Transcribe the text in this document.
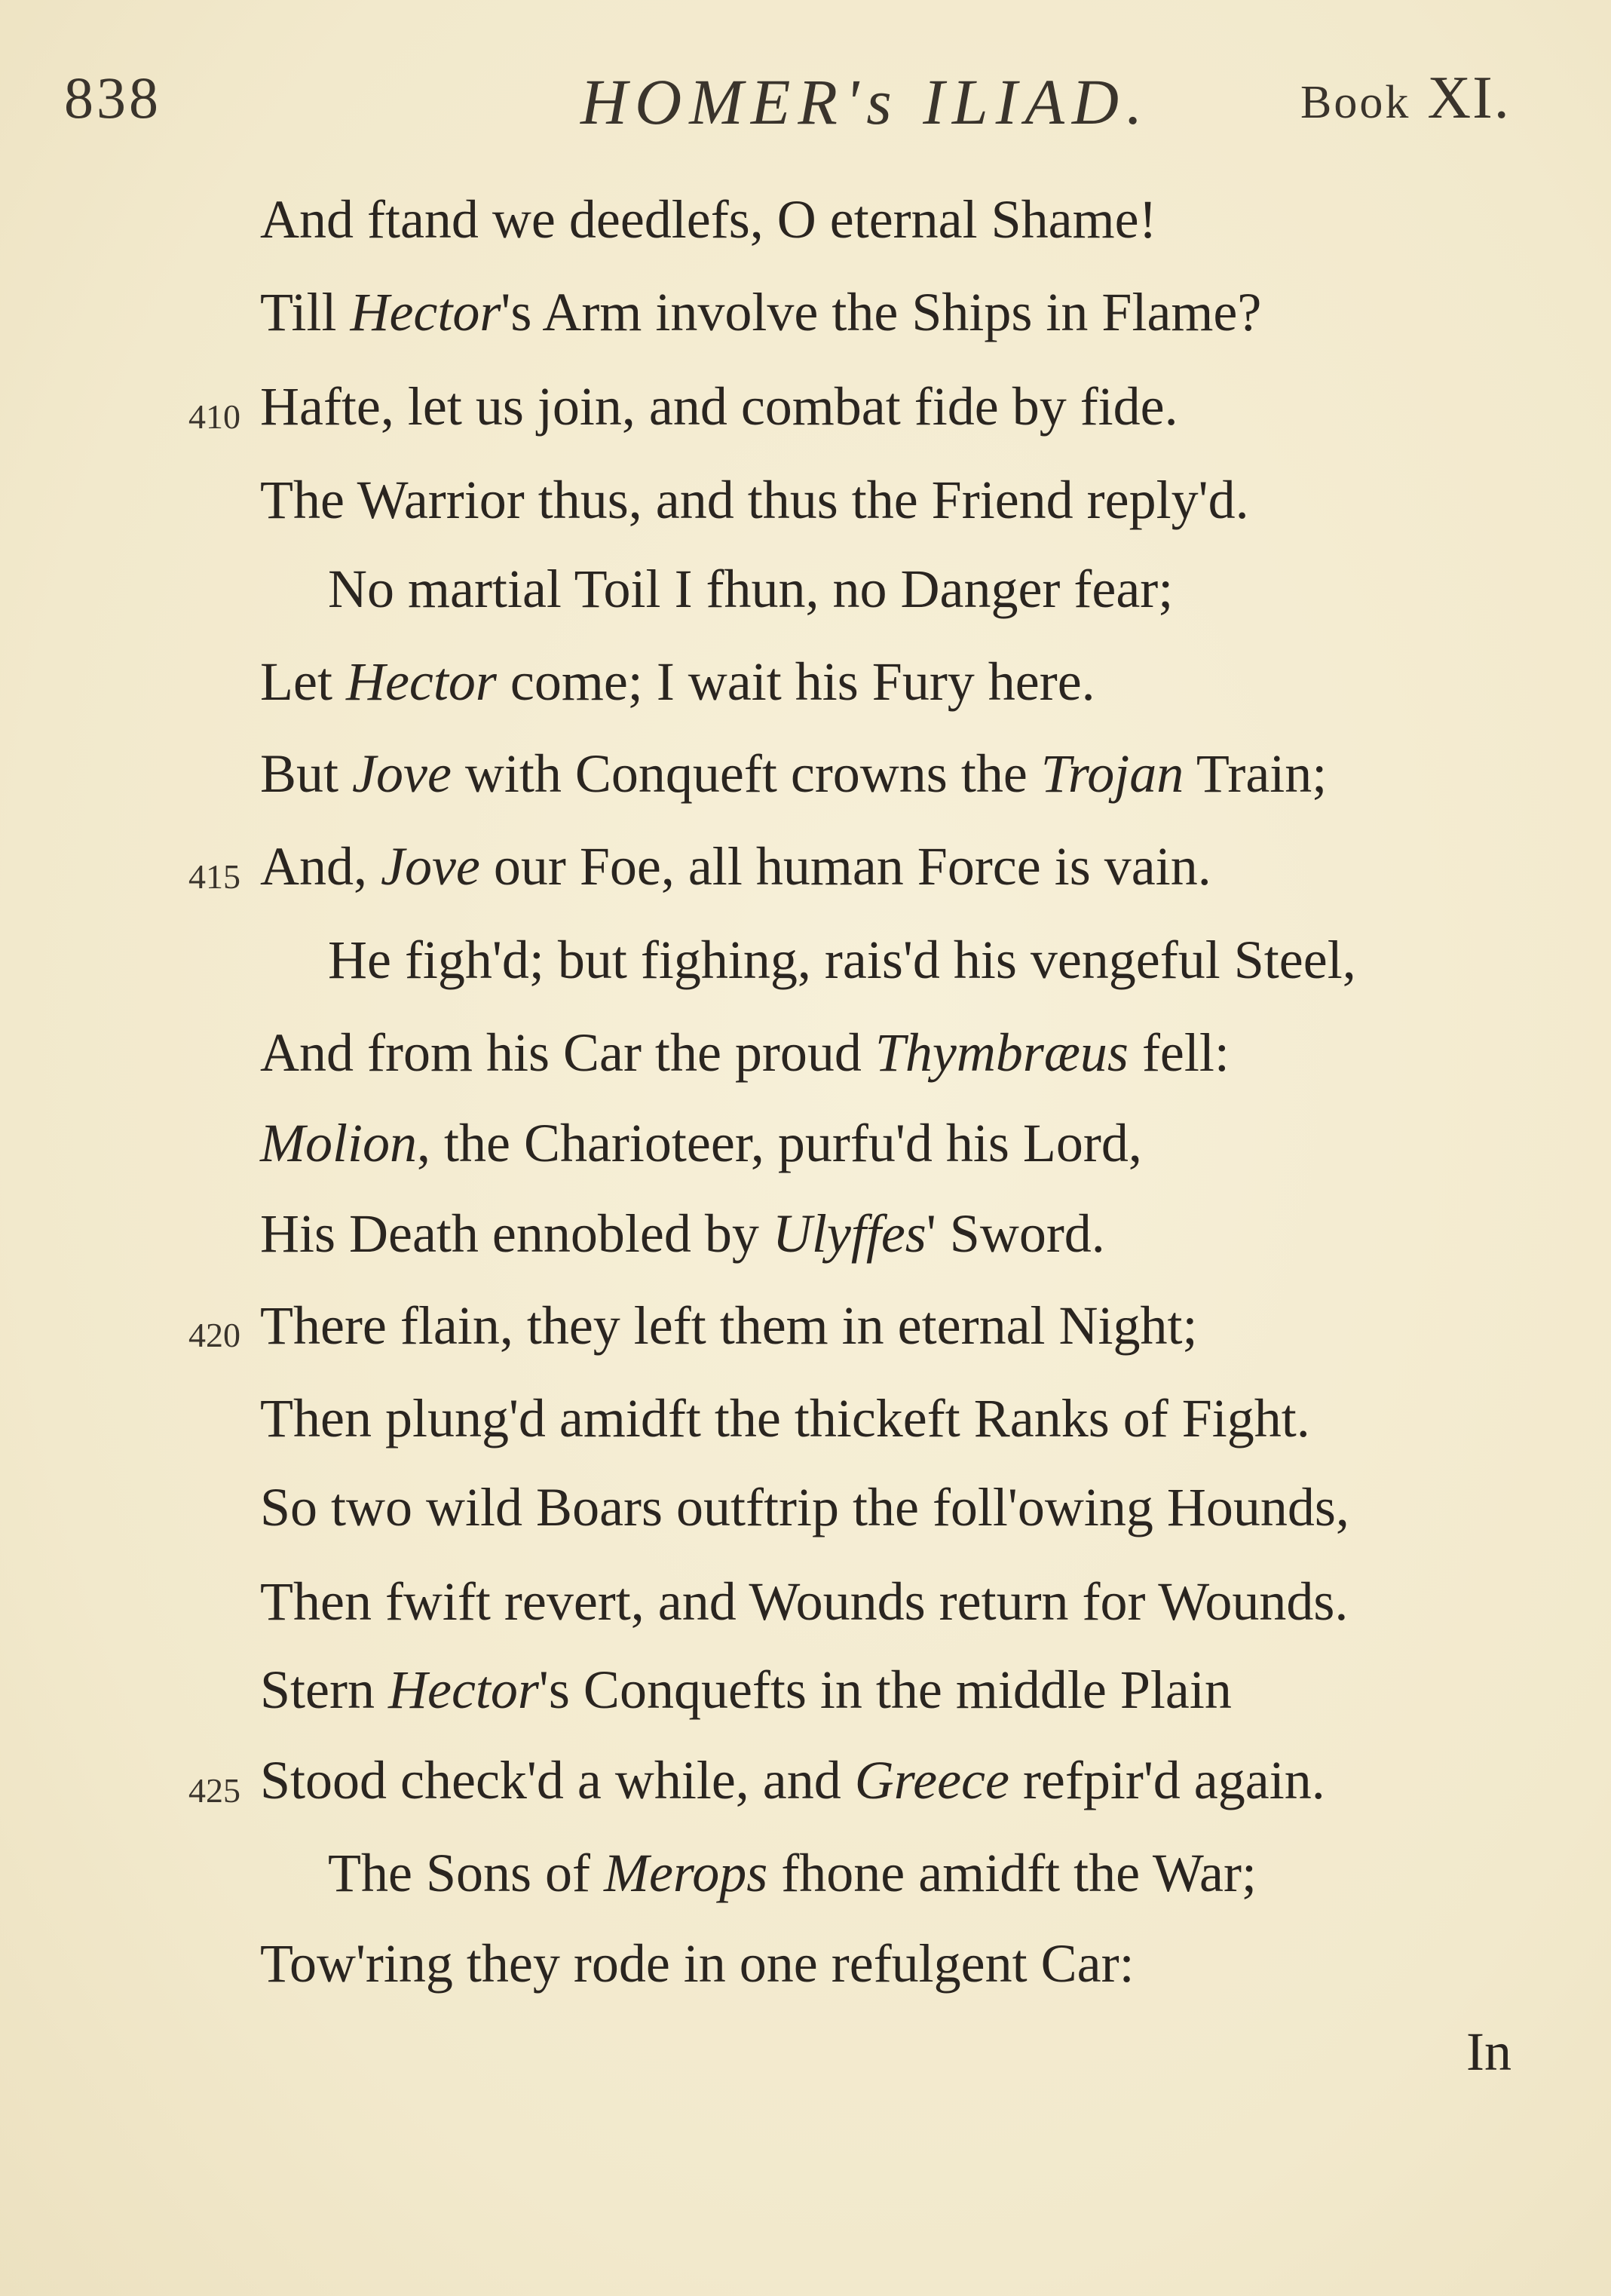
838	HOMER's ILIAD.	Book XI.
And ftand we deedlefs, O eternal Shame!
Till Hector's Arm involve the Ships in Flame?
Hafte, let us join, and combat fide by fide.
The Warrior thus, and thus the Friend reply'd.
No martial Toil I fhun, no Danger fear;
Let Hector come; I wait his Fury here.
But Jove with Conqueft crowns the Trojan Train;
And, Jove our Foe, all human Force is vain.
He figh'd; but fighing, rais'd his vengeful Steel,
And from his Car the proud Thymbræus fell:
Molion, the Charioteer, purfu'd his Lord,
His Death ennobled by Ulyffes' Sword.
There flain, they left them in eternal Night;
Then plung'd amidft the thickeft Ranks of Fight.
So two wild Boars outftrip the foll'owing Hounds,
Then fwift revert, and Wounds return for Wounds.
Stern Hector's Conquefts in the middle Plain
Stood check'd a while, and Greece refpir'd again.
The Sons of Merops fhone amidft the War;
Tow'ring they rode in one refulgent Car:
410
415
420
425
In
